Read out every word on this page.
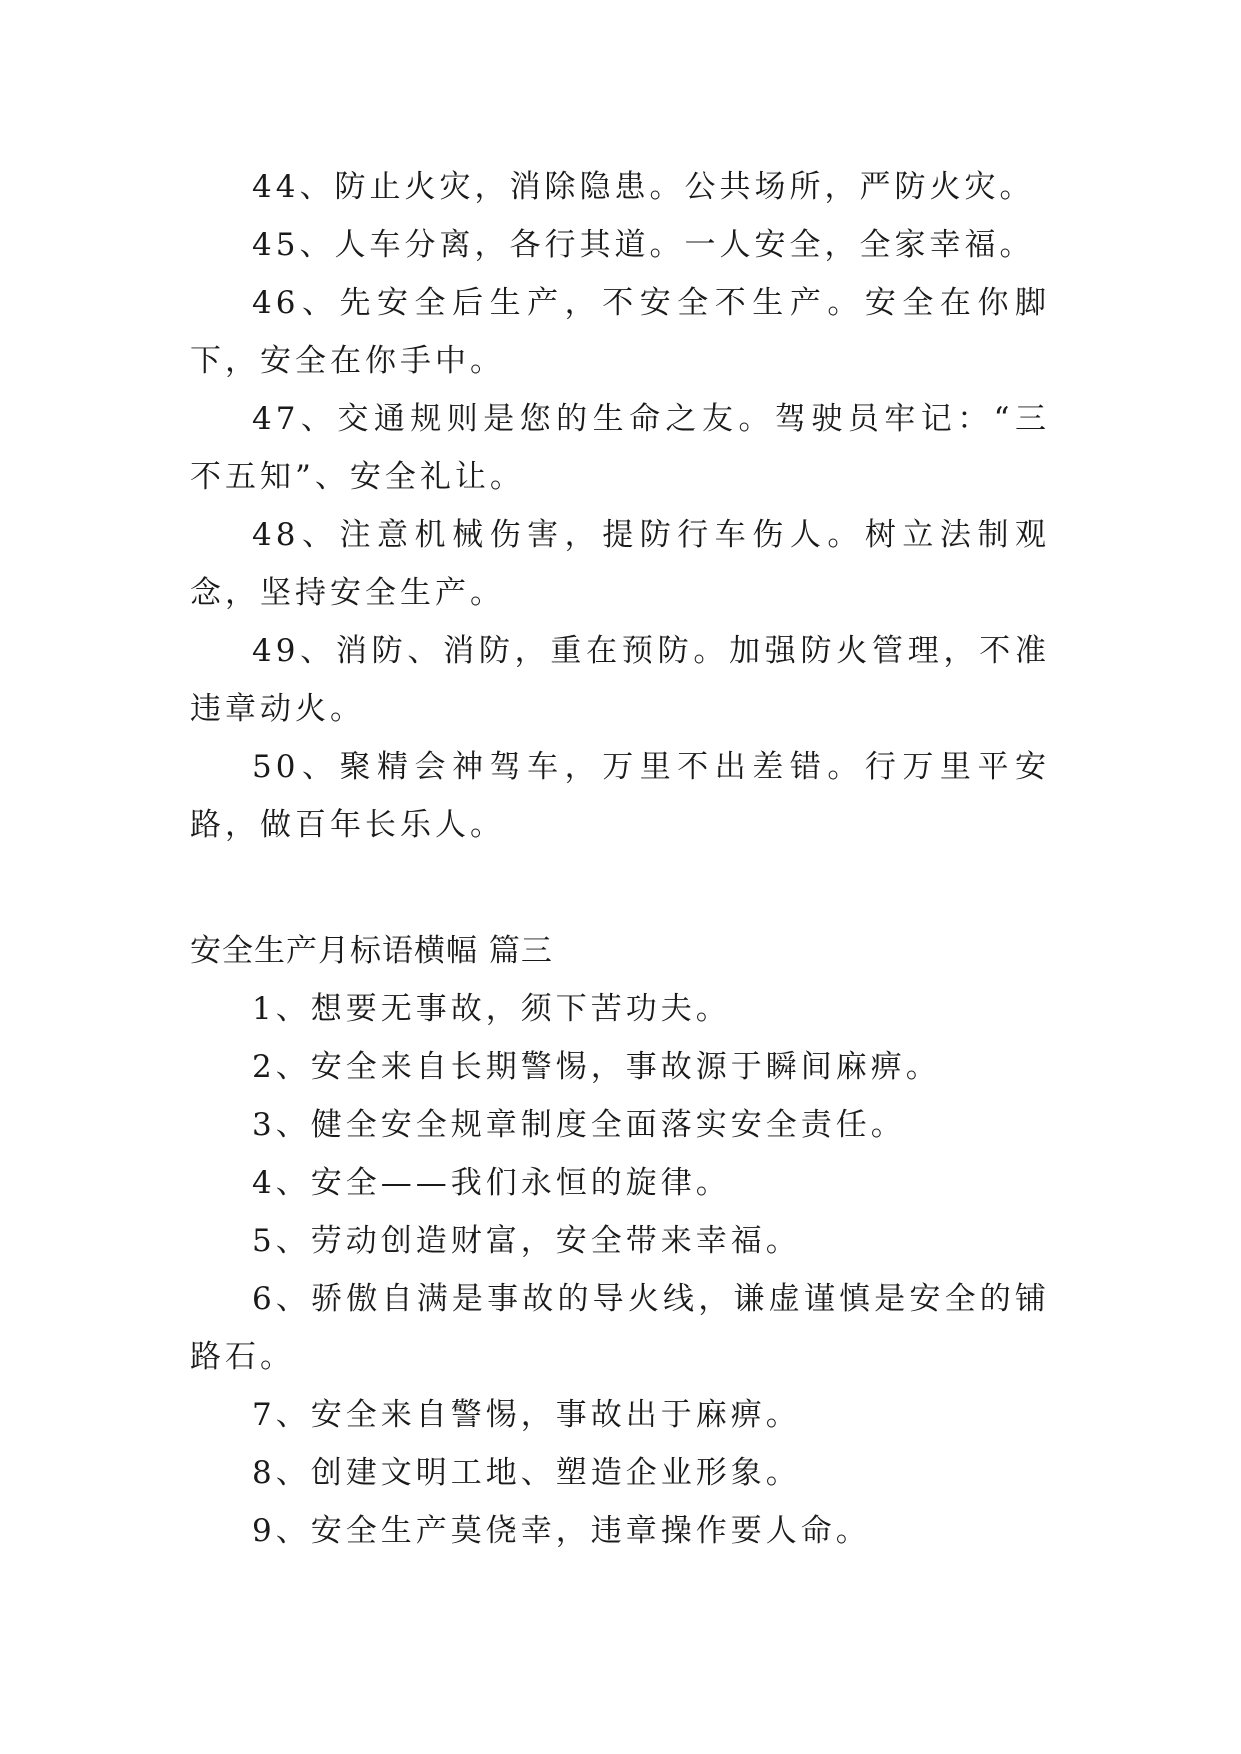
44、防止火灾，消除隐患。公共场所，严防火灾。

45、人车分离，各行其道。一人安全，全家幸福。

46、先安全后生产，不安全不生产。安全在你脚下，安全在你手中。

47、交通规则是您的生命之友。驾驶员牢记：“三不五知”、安全礼让。

48、注意机械伤害，提防行车伤人。树立法制观念，坚持安全生产。

49、消防、消防，重在预防。加强防火管理，不准违章动火。

50、聚精会神驾车，万里不出差错。行万里平安路，做百年长乐人。

安全生产月标语横幅 篇三

1、想要无事故，须下苦功夫。

2、安全来自长期警惕，事故源于瞬间麻痹。

3、健全安全规章制度全面落实安全责任。

4、安全——我们永恒的旋律。

5、劳动创造财富，安全带来幸福。

6、骄傲自满是事故的导火线，谦虚谨慎是安全的铺路石。

7、安全来自警惕，事故出于麻痹。

8、创建文明工地、塑造企业形象。

9、安全生产莫侥幸，违章操作要人命。
